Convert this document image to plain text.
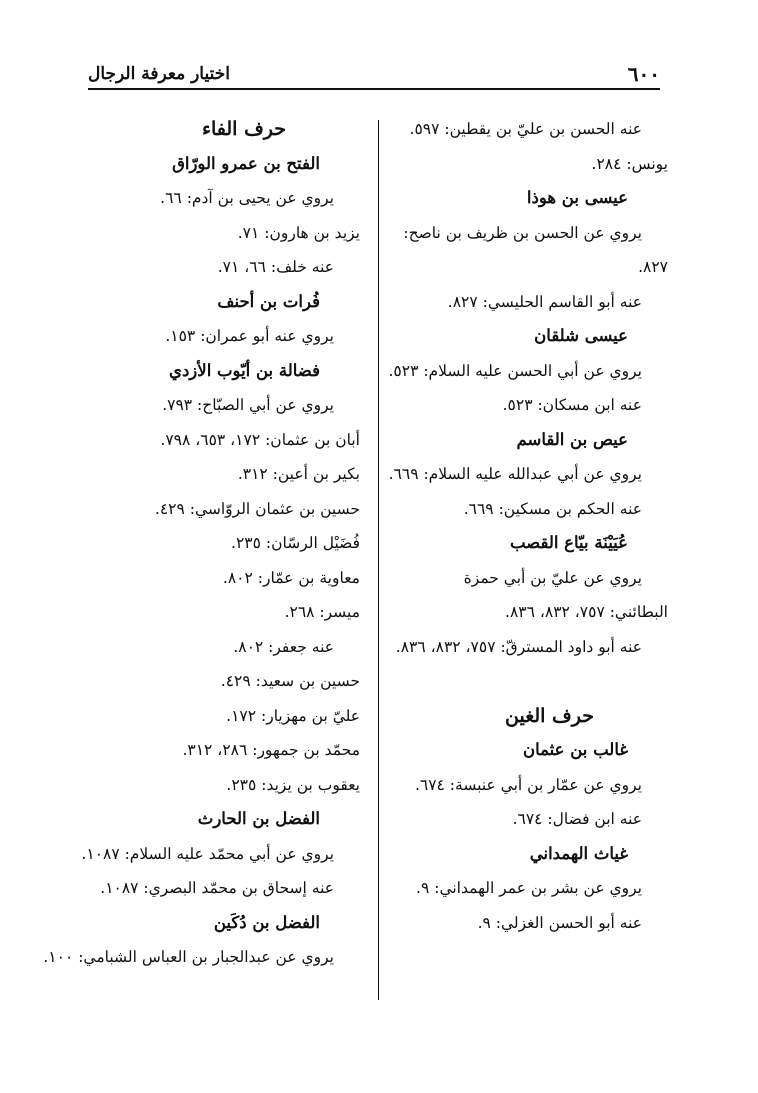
٦٠٠
اختيار معرفة الرجال
عنه الحسن بن عليّ بن يقطين: ٥٩٧.
يونس: ٢٨٤.
عيسى بن هوذا
يروي عن الحسن بن ظريف بن ناصح:
٨٢٧.
عنه أبو القاسم الحليسي: ٨٢٧.
عيسى شلقان
يروي عن أبي الحسن عليه السلام: ٥٢٣.
عنه ابن مسكان: ٥٢٣.
عيص بن القاسم
يروي عن أبي عبدالله عليه السلام: ٦٦٩.
عنه الحكم بن مسكين: ٦٦٩.
عُيَيْنَة بيّاع القصب
يروي عن عليّ بن أبي حمزة
البطائني: ٧٥٧، ٨٣٢، ٨٣٦.
عنه أبو داود المسترقّ: ٧٥٧، ٨٣٢، ٨٣٦.
حرف الغين
غالب بن عثمان
يروي عن عمّار بن أبي عنبسة: ٦٧٤.
عنه ابن فضال: ٦٧٤.
غياث الهمداني
يروي عن بشر بن عمر الهمداني: ٩.
عنه أبو الحسن الغزلي: ٩.
حرف الفاء
الفتح بن عمرو الورّاق
يروي عن يحيى بن آدم: ٦٦.
يزيد بن هارون: ٧١.
عنه خلف: ٦٦، ٧١.
فُرات بن أحنف
يروي عنه أبو عمران: ١٥٣.
فضالة بن أيّوب الأزدي
يروي عن أبي الصبّاح: ٧٩٣.
أبان بن عثمان: ١٧٢، ٦٥٣، ٧٩٨.
بكير بن أعين: ٣١٢.
حسين بن عثمان الروّاسي: ٤٢٩.
فُضَيْل الرسّان: ٢٣٥.
معاوية بن عمّار: ٨٠٢.
ميسر: ٢٦٨.
عنه جعفر: ٨٠٢.
حسين بن سعيد: ٤٢٩.
عليّ بن مهزيار: ١٧٢.
محمّد بن جمهور: ٢٨٦، ٣١٢.
يعقوب بن يزيد: ٢٣٥.
الفضل بن الحارث
يروي عن أبي محمّد عليه السلام: ١٠٨٧.
عنه إسحاق بن محمّد البصري: ١٠٨٧.
الفضل بن دُكَين
يروي عن عبدالجبار بن العباس الشبامي: ١٠٠.
